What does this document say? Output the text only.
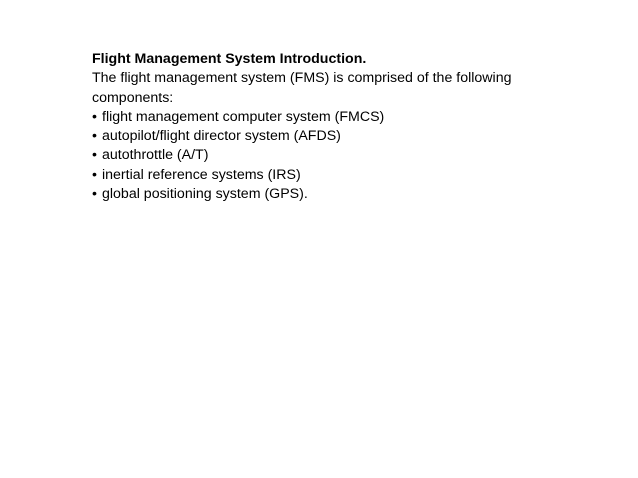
Flight Management System Introduction.
The flight management system (FMS) is comprised of the following
components:
• flight management computer system (FMCS)
• autopilot/flight director system (AFDS)
• autothrottle (A/T)
• inertial reference systems (IRS)
• global positioning system (GPS).
